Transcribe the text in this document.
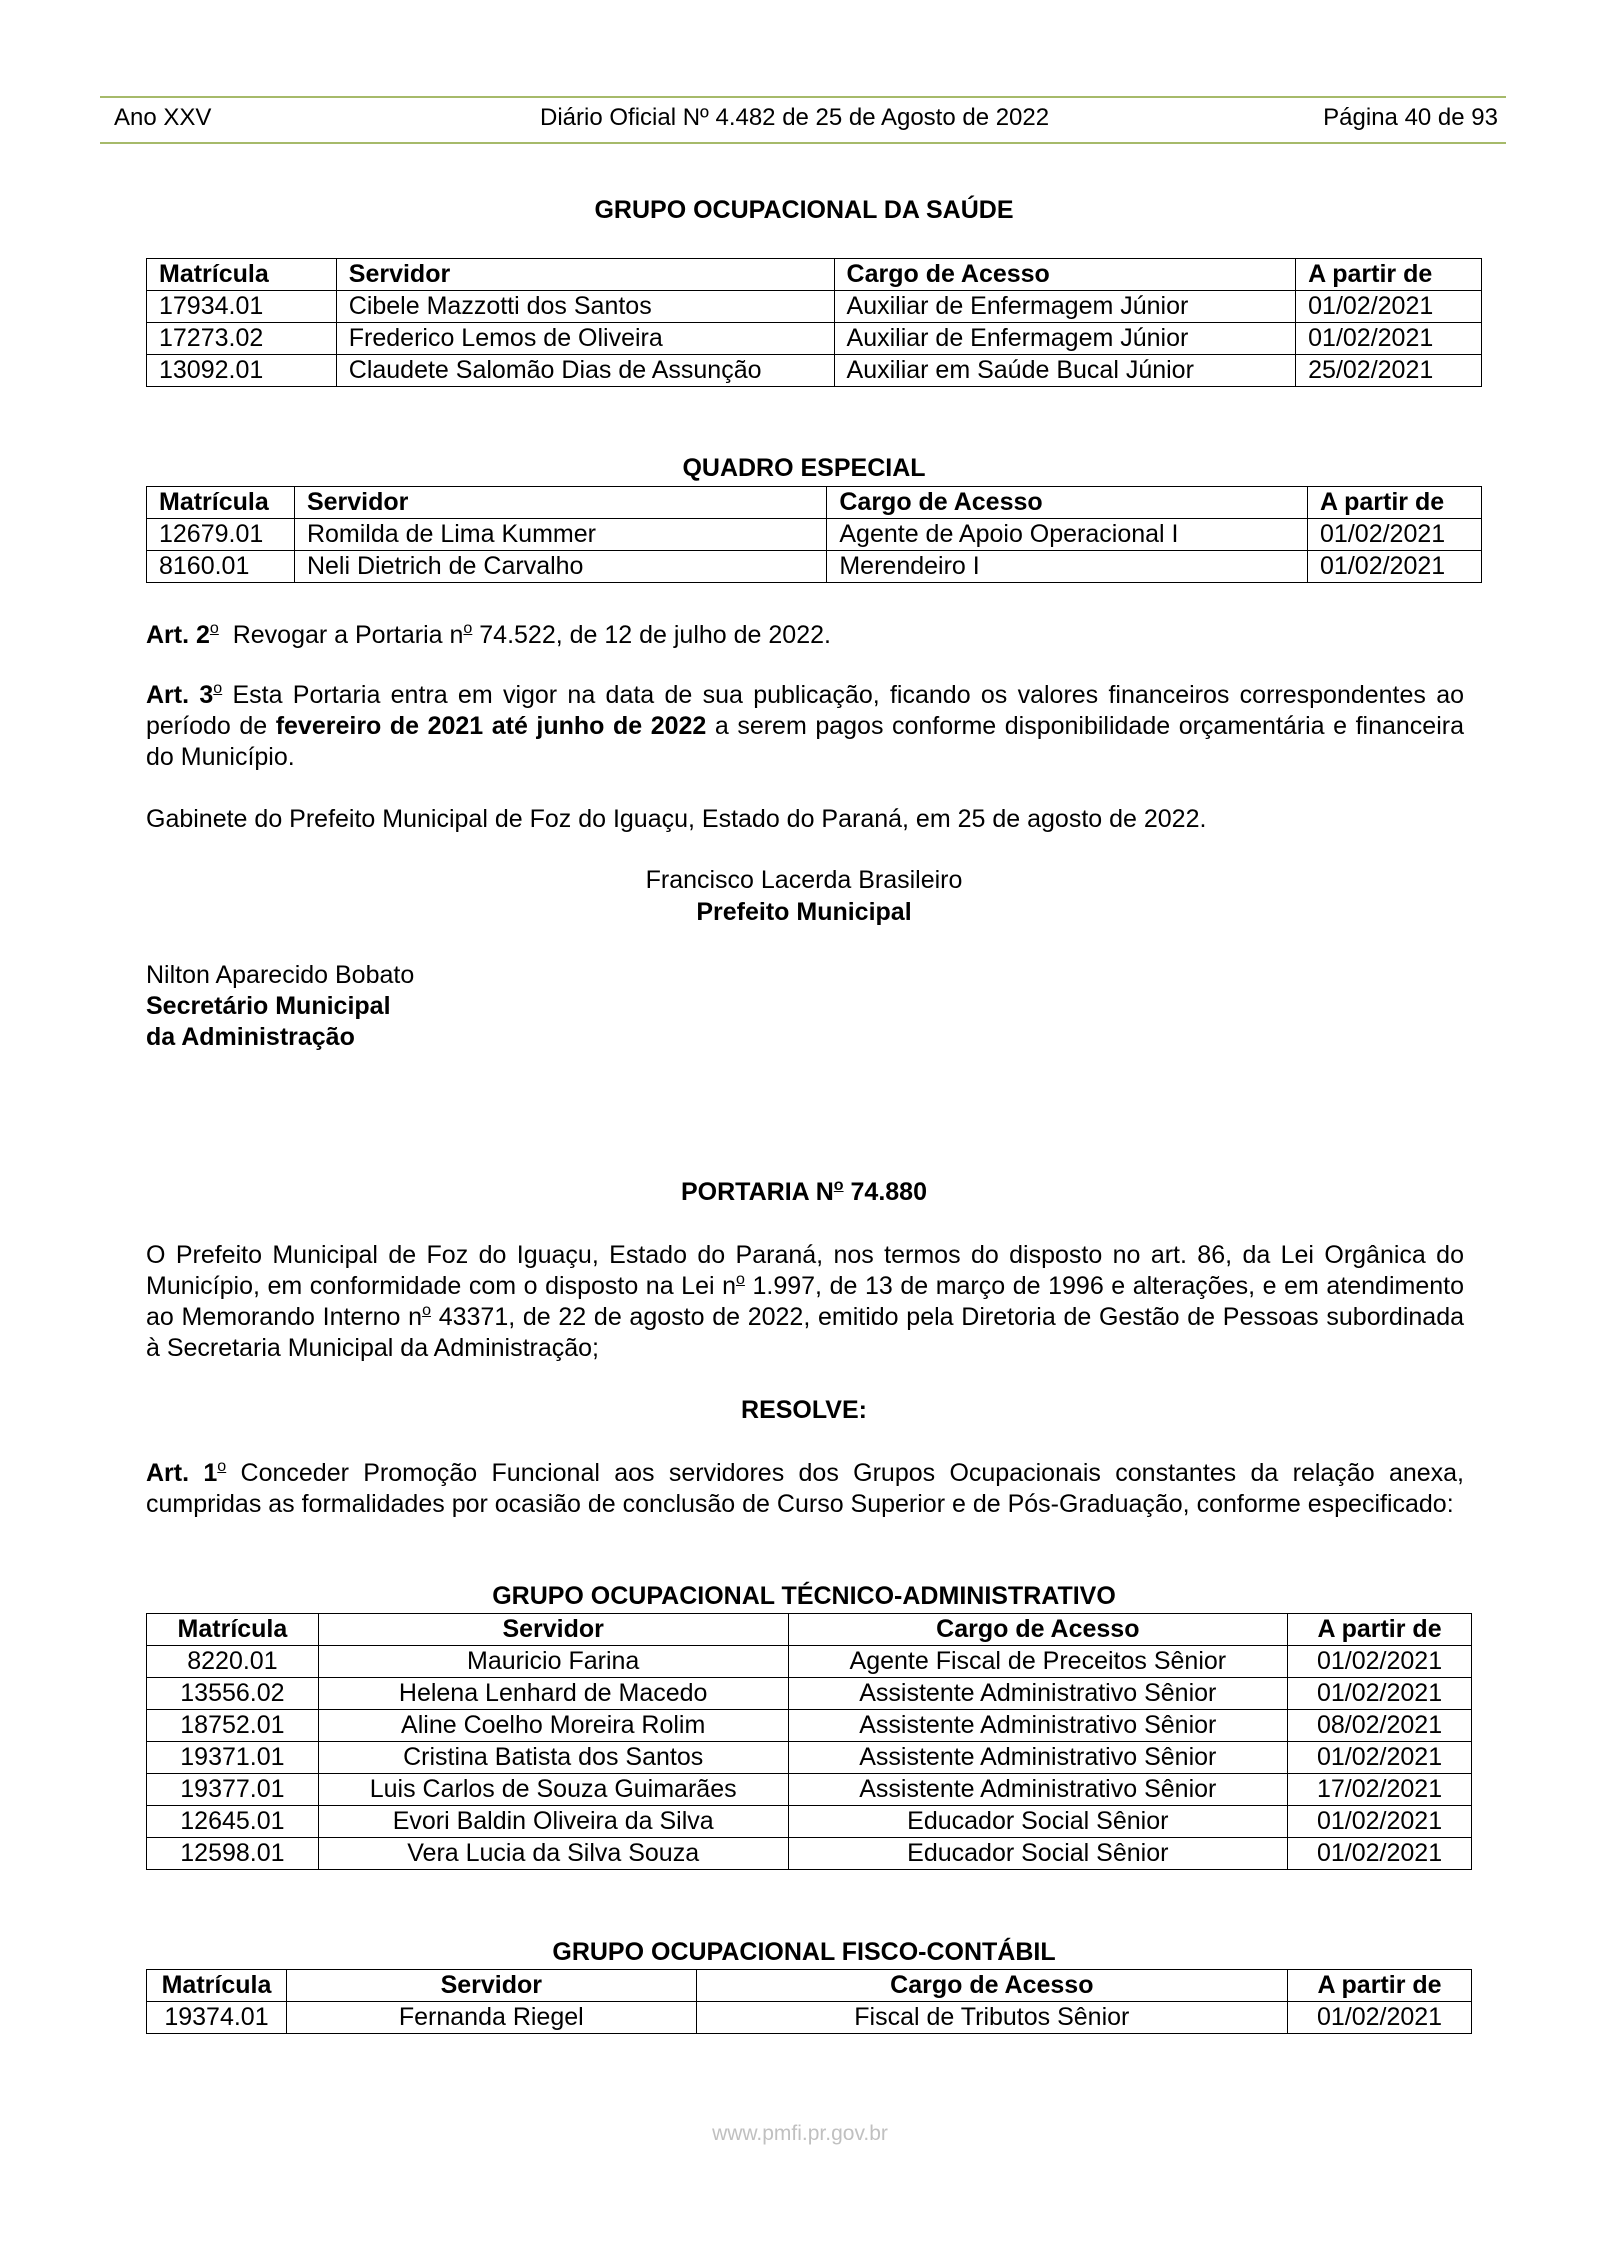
Ano XXV	Diário Oficial Nº 4.482 de 25 de Agosto de 2022	Página 40 de 93
GRUPO OCUPACIONAL DA SAÚDE
Matrícula	Servidor	Cargo de Acesso	A partir de
17934.01	Cibele Mazzotti dos Santos	Auxiliar de Enfermagem Júnior	01/02/2021
17273.02	Frederico Lemos de Oliveira	Auxiliar de Enfermagem Júnior	01/02/2021
13092.01	Claudete Salomão Dias de Assunção	Auxiliar em Saúde Bucal Júnior	25/02/2021
QUADRO ESPECIAL
Matrícula	Servidor	Cargo de Acesso	A partir de
12679.01	Romilda de Lima Kummer	Agente de Apoio Operacional I	01/02/2021
8160.01	Neli Dietrich de Carvalho	Merendeiro I	01/02/2021
Art. 2$^o$ Revogar a Portaria $n^o$ 74.522, de 12 de julho de 2022.
Art. 3$^o$ Esta Portaria entra em vigor na data de sua publicação, ficando os valores financeiros correspondentes ao período de fevereiro de 2021 até junho de 2022 a serem pagos conforme disponibilidade orçamentária e financeira do Município.
Gabinete do Prefeito Municipal de Foz do Iguaçu, Estado do Paraná, em 25 de agosto de 2022.
Francisco Lacerda Brasileiro
Prefeito Municipal
Nilton Aparecido Bobato
Secretário Municipal
da Administração
PORTARIA $N^o$ 74.880
O Prefeito Municipal de Foz do Iguaçu, Estado do Paraná, nos termos do disposto no art. 86, da Lei Orgânica do Município, em conformidade com o disposto na Lei $n^o$ 1.997, de 13 de março de 1996 e alterações, e em atendimento ao Memorando Interno $n^o$ 43371, de 22 de agosto de 2022, emitido pela Diretoria de Gestão de Pessoas subordinada à Secretaria Municipal da Administração;
RESOLVE:
Art. 1$^o$ Conceder Promoção Funcional aos servidores dos Grupos Ocupacionais constantes da relação anexa, cumpridas as formalidades por ocasião de conclusão de Curso Superior e de Pós-Graduação, conforme especificado:
GRUPO OCUPACIONAL TÉCNICO-ADMINISTRATIVO
Matrícula	Servidor	Cargo de Acesso	A partir de
8220.01	Mauricio Farina	Agente Fiscal de Preceitos Sênior	01/02/2021
13556.02	Helena Lenhard de Macedo	Assistente Administrativo Sênior	01/02/2021
18752.01	Aline Coelho Moreira Rolim	Assistente Administrativo Sênior	08/02/2021
19371.01	Cristina Batista dos Santos	Assistente Administrativo Sênior	01/02/2021
19377.01	Luis Carlos de Souza Guimarães	Assistente Administrativo Sênior	17/02/2021
12645.01	Evori Baldin Oliveira da Silva	Educador Social Sênior	01/02/2021
12598.01	Vera Lucia da Silva Souza	Educador Social Sênior	01/02/2021
GRUPO OCUPACIONAL FISCO-CONTÁBIL
Matrícula	Servidor	Cargo de Acesso	A partir de
19374.01	Fernanda Riegel	Fiscal de Tributos Sênior	01/02/2021
www.pmfi.pr.gov.br
